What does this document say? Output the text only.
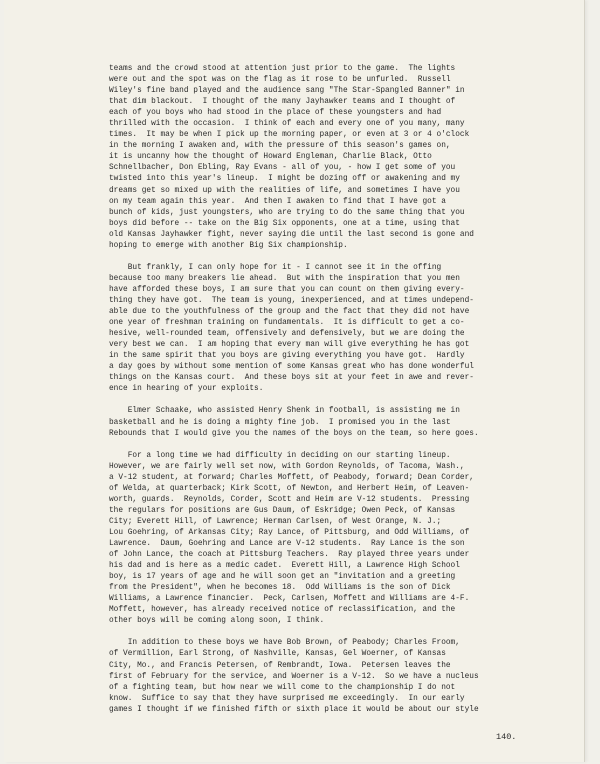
teams and the crowd stood at attention just prior to the game.  The lights
were out and the spot was on the flag as it rose to be unfurled.  Russell
Wiley's fine band played and the audience sang "The Star-Spangled Banner" in
that dim blackout.  I thought of the many Jayhawker teams and I thought of
each of you boys who had stood in the place of these youngsters and had
thrilled with the occasion.  I think of each and every one of you many, many
times.  It may be when I pick up the morning paper, or even at 3 or 4 o'clock
in the morning I awaken and, with the pressure of this season's games on,
it is uncanny how the thought of Howard Engleman, Charlie Black, Otto
Schnellbacher, Don Ebling, Ray Evans - all of you, - how I get some of you
twisted into this year's lineup.  I might be dozing off or awakening and my
dreams get so mixed up with the realities of life, and sometimes I have you
on my team again this year.  And then I awaken to find that I have got a
bunch of kids, just youngsters, who are trying to do the same thing that you
boys did before -- take on the Big Six opponents, one at a time, using that
old Kansas Jayhawker fight, never saying die until the last second is gone and
hoping to emerge with another Big Six championship.

But frankly, I can only hope for it - I cannot see it in the offing
because too many breakers lie ahead.  But with the inspiration that you men
have afforded these boys, I am sure that you can count on them giving every-
thing they have got.  The team is young, inexperienced, and at times undepend-
able due to the youthfulness of the group and the fact that they did not have
one year of freshman training on fundamentals.  It is difficult to get a co-
hesive, well-rounded team, offensively and defensively, but we are doing the
very best we can.  I am hoping that every man will give everything he has got
in the same spirit that you boys are giving everything you have got.  Hardly
a day goes by without some mention of some Kansas great who has done wonderful
things on the Kansas court.  And these boys sit at your feet in awe and rever-
ence in hearing of your exploits.

Elmer Schaake, who assisted Henry Shenk in football, is assisting me in
basketball and he is doing a mighty fine job.  I promised you in the last
Rebounds that I would give you the names of the boys on the team, so here goes.

For a long time we had difficulty in deciding on our starting lineup.
However, we are fairly well set now, with Gordon Reynolds, of Tacoma, Wash.,
a V-12 student, at forward; Charles Moffett, of Peabody, forward; Dean Corder,
of Welda, at quarterback; Kirk Scott, of Newton, and Herbert Heim, of Leaven-
worth, guards.  Reynolds, Corder, Scott and Heim are V-12 students.  Pressing
the regulars for positions are Gus Daum, of Eskridge; Owen Peck, of Kansas
City; Everett Hill, of Lawrence; Herman Carlsen, of West Orange, N. J.;
Lou Goehring, of Arkansas City; Ray Lance, of Pittsburg, and Odd Williams, of
Lawrence.  Daum, Goehring and Lance are V-12 students.  Ray Lance is the son
of John Lance, the coach at Pittsburg Teachers.  Ray played three years under
his dad and is here as a medic cadet.  Everett Hill, a Lawrence High School
boy, is 17 years of age and he will soon get an "invitation and a greeting
from the President", when he becomes 18.  Odd Williams is the son of Dick
Williams, a Lawrence financier.  Peck, Carlsen, Moffett and Williams are 4-F.
Moffett, however, has already received notice of reclassification, and the
other boys will be coming along soon, I think.

In addition to these boys we have Bob Brown, of Peabody; Charles Froom,
of Vermillion, Earl Strong, of Nashville, Kansas, Gel Woerner, of Kansas
City, Mo., and Francis Petersen, of Rembrandt, Iowa.  Petersen leaves the
first of February for the service, and Woerner is a V-12.  So we have a nucleus
of a fighting team, but how near we will come to the championship I do not
know.  Suffice to say that they have surprised me exceedingly.  In our early
games I thought if we finished fifth or sixth place it would be about our style

140.
